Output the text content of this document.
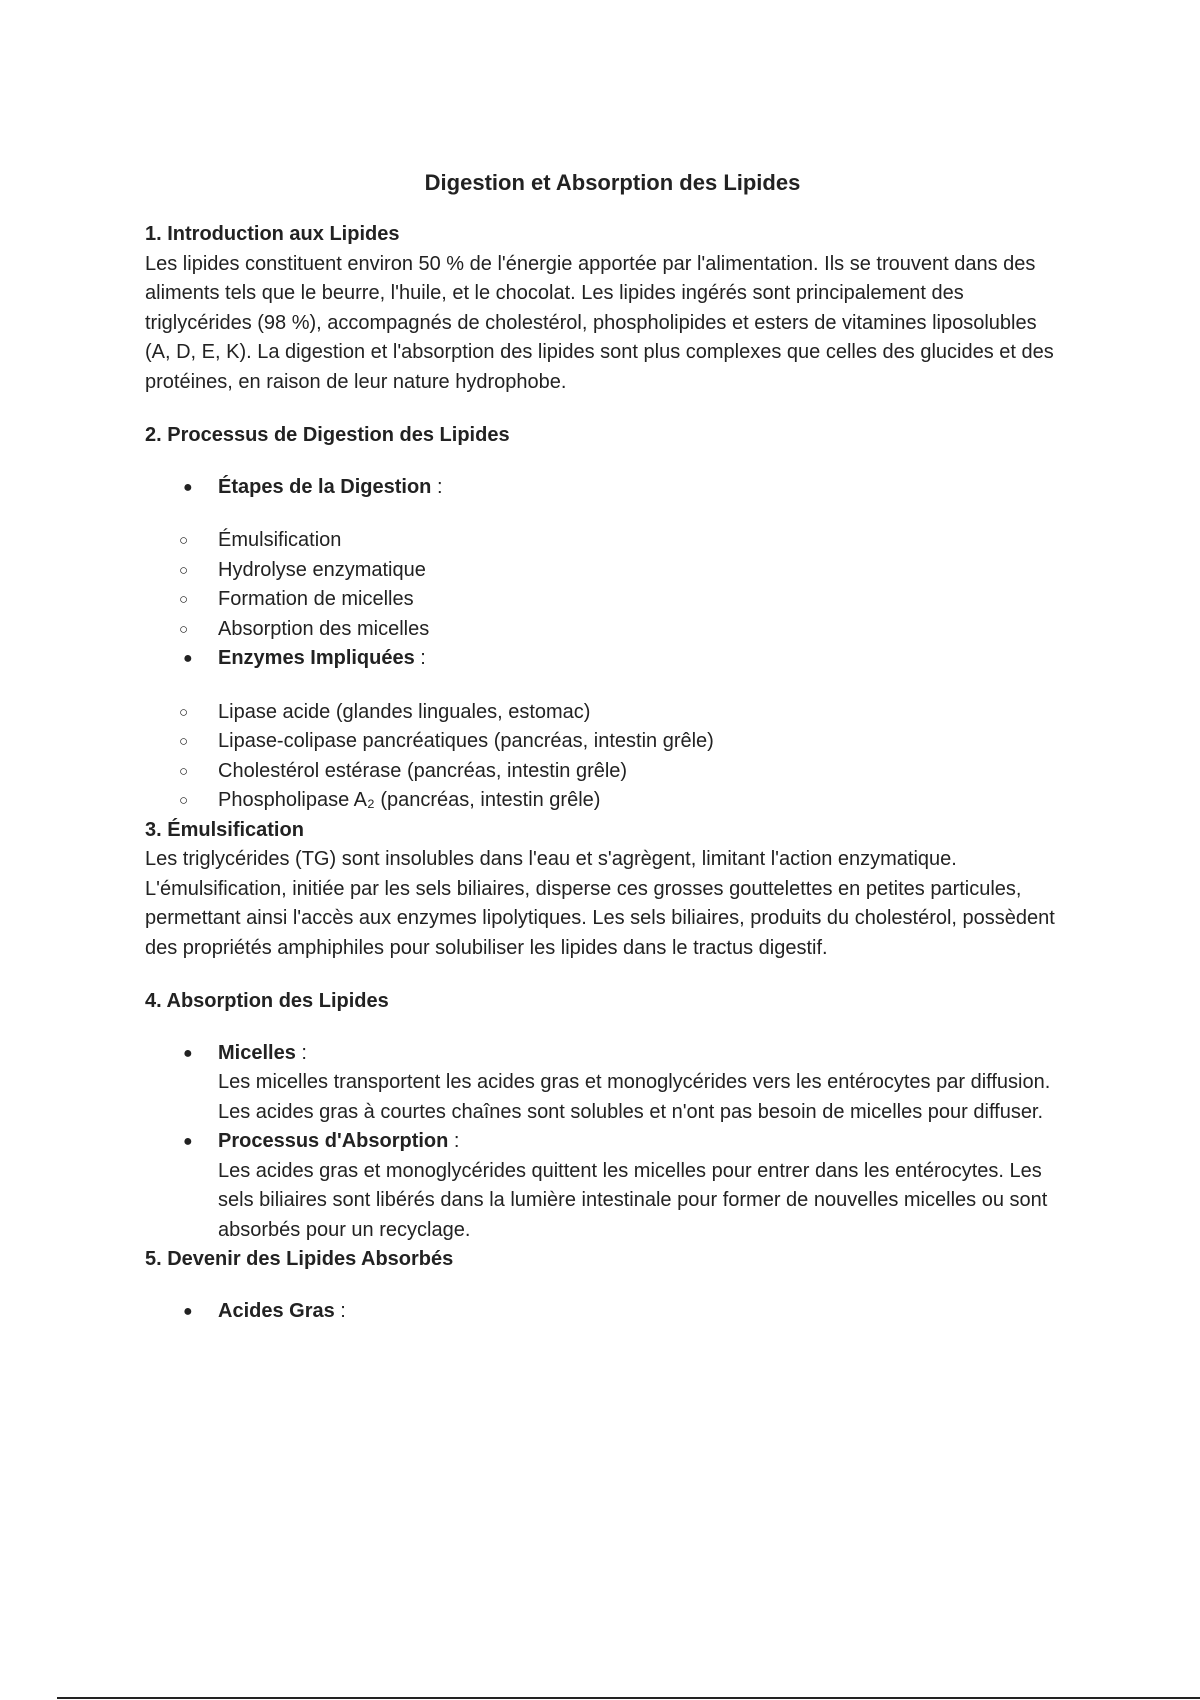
Digestion et Absorption des Lipides

1. Introduction aux Lipides

Les lipides constituent environ 50 % de l'énergie apportée par l'alimentation. Ils se trouvent dans des aliments tels que le beurre, l'huile, et le chocolat. Les lipides ingérés sont principalement des triglycérides (98 %), accompagnés de cholestérol, phospholipides et esters de vitamines liposolubles (A, D, E, K). La digestion et l'absorption des lipides sont plus complexes que celles des glucides et des protéines, en raison de leur nature hydrophobe.

2. Processus de Digestion des Lipides

● Étapes de la Digestion :
○ Émulsification
○ Hydrolyse enzymatique
○ Formation de micelles
○ Absorption des micelles
● Enzymes Impliquées :
○ Lipase acide (glandes linguales, estomac)
○ Lipase-colipase pancréatiques (pancréas, intestin grêle)
○ Cholestérol estérase (pancréas, intestin grêle)
○ Phospholipase A₂ (pancréas, intestin grêle)

3. Émulsification

Les triglycérides (TG) sont insolubles dans l'eau et s'agrègent, limitant l'action enzymatique. L'émulsification, initiée par les sels biliaires, disperse ces grosses gouttelettes en petites particules, permettant ainsi l'accès aux enzymes lipolytiques. Les sels biliaires, produits du cholestérol, possèdent des propriétés amphiphiles pour solubiliser les lipides dans le tractus digestif.

4. Absorption des Lipides

● Micelles :

Les micelles transportent les acides gras et monoglycérides vers les entérocytes par diffusion. Les acides gras à courtes chaînes sont solubles et n'ont pas besoin de micelles pour diffuser.

● Processus d'Absorption :

Les acides gras et monoglycérides quittent les micelles pour entrer dans les entérocytes. Les sels biliaires sont libérés dans la lumière intestinale pour former de nouvelles micelles ou sont absorbés pour un recyclage.

5. Devenir des Lipides Absorbés

● Acides Gras :
